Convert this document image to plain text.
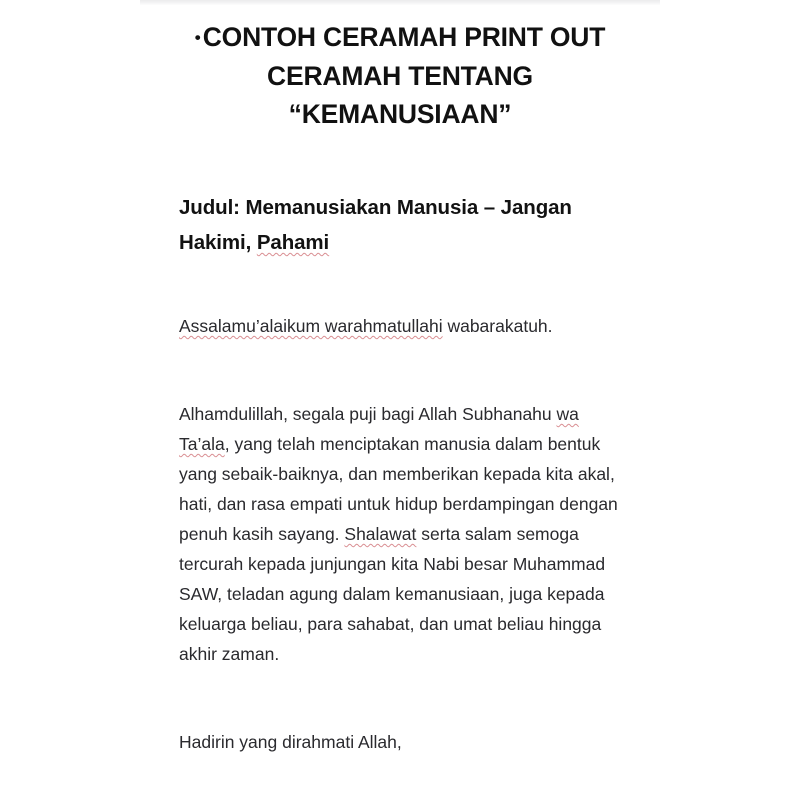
•CONTOH CERAMAH PRINT OUT
CERAMAH TENTANG
“KEMANUSIAAN”

Judul: Memanusiakan Manusia – Jangan Hakimi, Pahami

Assalamu’alaikum warahmatullahi wabarakatuh.

Alhamdulillah, segala puji bagi Allah Subhanahu wa Ta’ala, yang telah menciptakan manusia dalam bentuk yang sebaik-baiknya, dan memberikan kepada kita akal, hati, dan rasa empati untuk hidup berdampingan dengan penuh kasih sayang. Shalawat serta salam semoga tercurah kepada junjungan kita Nabi besar Muhammad SAW, teladan agung dalam kemanusiaan, juga kepada keluarga beliau, para sahabat, dan umat beliau hingga akhir zaman.

Hadirin yang dirahmati Allah,
